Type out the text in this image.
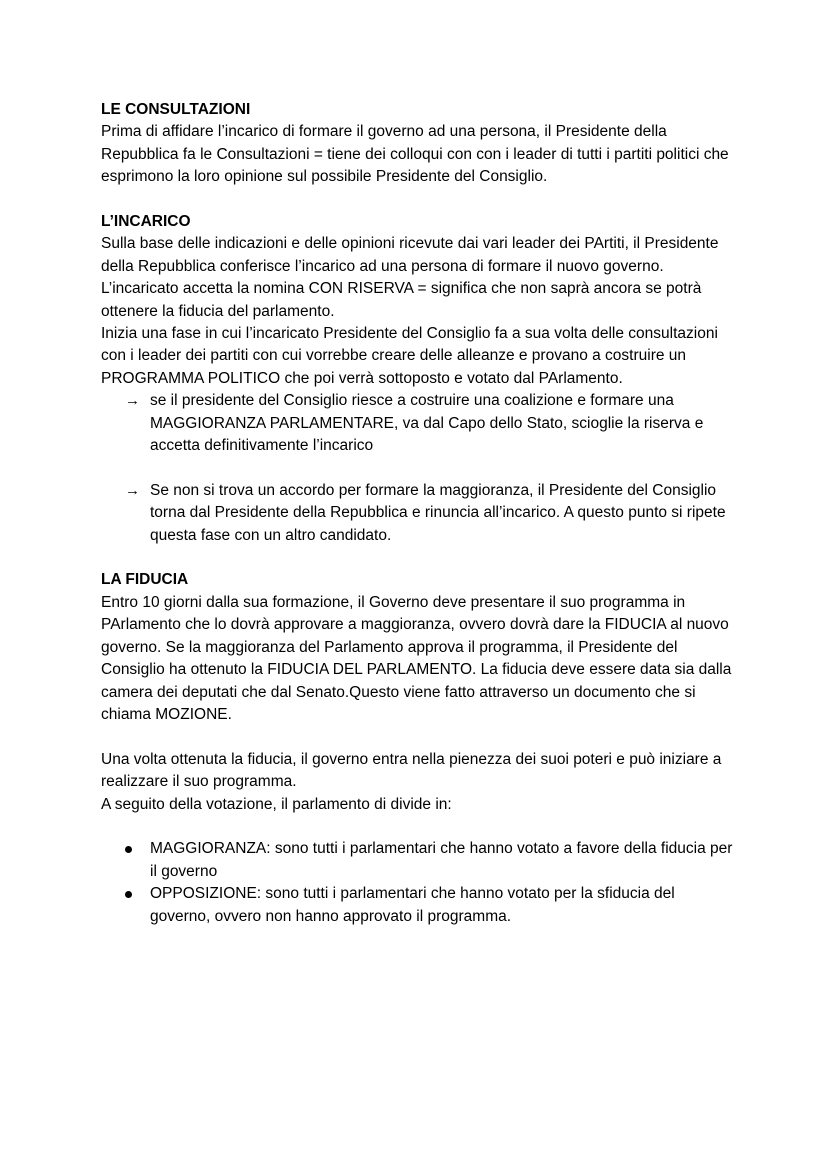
LE CONSULTAZIONI

Prima di affidare l’incarico di formare il governo ad una persona, il Presidente della Repubblica fa le Consultazioni = tiene dei colloqui con con i leader di tutti i partiti politici che esprimono la loro opinione sul possibile Presidente del Consiglio.

L’INCARICO

Sulla base delle indicazioni e delle opinioni ricevute dai vari leader dei PArtiti, il Presidente della Repubblica conferisce l’incarico ad una persona di formare il nuovo governo.

L’incaricato accetta la nomina CON RISERVA = significa che non saprà ancora se potrà ottenere la fiducia del parlamento.

Inizia una fase in cui l’incaricato Presidente del Consiglio fa a sua volta delle consultazioni con i leader dei partiti con cui vorrebbe creare delle alleanze e provano a costruire un PROGRAMMA POLITICO che poi verrà sottoposto e votato dal PArlamento.

→ se il presidente del Consiglio riesce a costruire una coalizione e formare una MAGGIORANZA PARLAMENTARE, va dal Capo dello Stato, scioglie la riserva e accetta definitivamente l’incarico
→ Se non si trova un accordo per formare la maggioranza, il Presidente del Consiglio torna dal Presidente della Repubblica e rinuncia all’incarico. A questo punto si ripete questa fase con un altro candidato.
LA FIDUCIA

Entro 10 giorni dalla sua formazione, il Governo deve presentare il suo programma in PArlamento che lo dovrà approvare a maggioranza, ovvero dovrà dare la FIDUCIA al nuovo governo. Se la maggioranza del Parlamento approva il programma, il Presidente del Consiglio ha ottenuto la FIDUCIA DEL PARLAMENTO. La fiducia deve essere data sia dalla camera dei deputati che dal Senato.Questo viene fatto attraverso un documento che si chiama MOZIONE.

Una volta ottenuta la fiducia, il governo entra nella pienezza dei suoi poteri e può iniziare a realizzare il suo programma.

A seguito della votazione, il parlamento di divide in:

MAGGIORANZA: sono tutti i parlamentari che hanno votato a favore della fiducia per il governo
OPPOSIZIONE: sono tutti i parlamentari che hanno votato per la sfiducia del governo, ovvero non hanno approvato il programma.
